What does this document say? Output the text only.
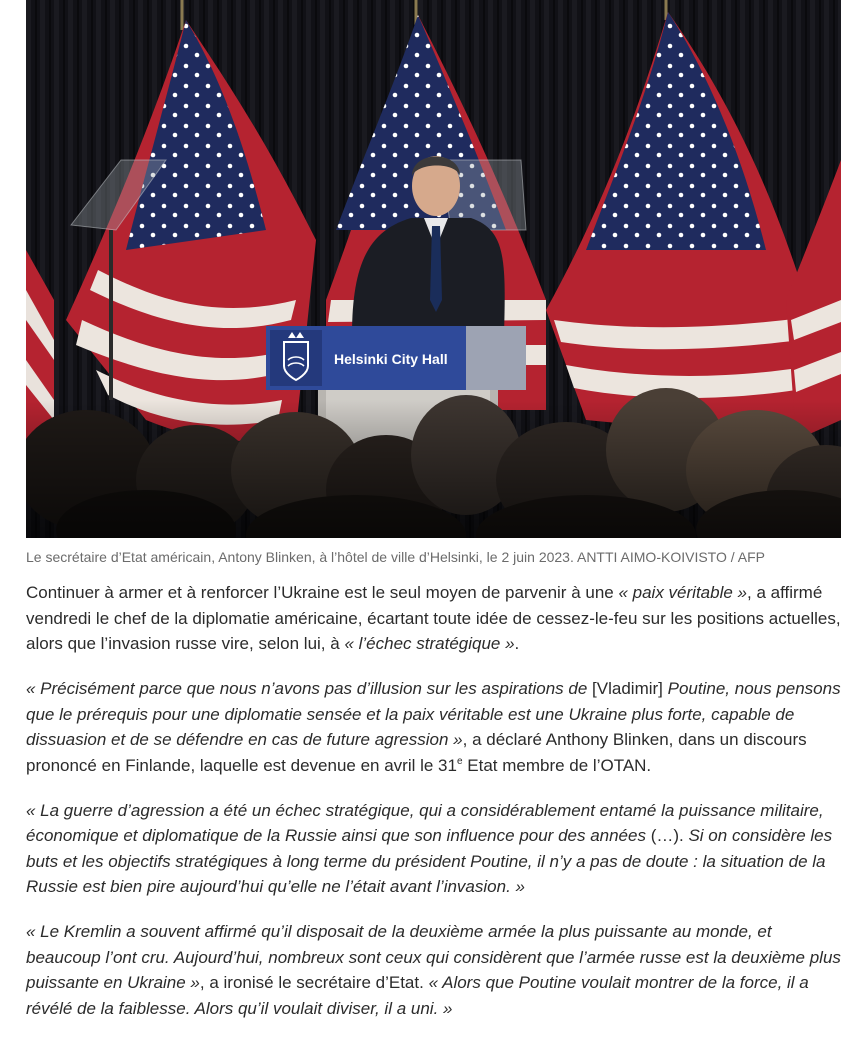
Helsinki City Hall
Le secrétaire d’Etat américain, Antony Blinken, à l’hôtel de ville d’Helsinki, le 2 juin 2023. ANTTI AIMO-KOIVISTO / AFP

Continuer à armer et à renforcer l’Ukraine est le seul moyen de parvenir à une « paix véritable », a affirmé vendredi le chef de la diplomatie américaine, écartant toute idée de cessez-le-feu sur les positions actuelles, alors que l’invasion russe vire, selon lui, à « l’échec stratégique ».

« Précisément parce que nous n’avons pas d’illusion sur les aspirations de [Vladimir] Poutine, nous pensons que le prérequis pour une diplomatie sensée et la paix véritable est une Ukraine plus forte, capable de dissuasion et de se défendre en cas de future agression », a déclaré Anthony Blinken, dans un discours prononcé en Finlande, laquelle est devenue en avril le 31e Etat membre de l’OTAN.

« La guerre d’agression a été un échec stratégique, qui a considérablement entamé la puissance militaire, économique et diplomatique de la Russie ainsi que son influence pour des années (…). Si on considère les buts et les objectifs stratégiques à long terme du président Poutine, il n’y a pas de doute : la situation de la Russie est bien pire aujourd’hui qu’elle ne l’était avant l’invasion. »

« Le Kremlin a souvent affirmé qu’il disposait de la deuxième armée la plus puissante au monde, et beaucoup l’ont cru. Aujourd’hui, nombreux sont ceux qui considèrent que l’armée russe est la deuxième plus puissante en Ukraine », a ironisé le secrétaire d’Etat. « Alors que Poutine voulait montrer de la force, il a révélé de la faiblesse. Alors qu’il voulait diviser, il a uni. »
